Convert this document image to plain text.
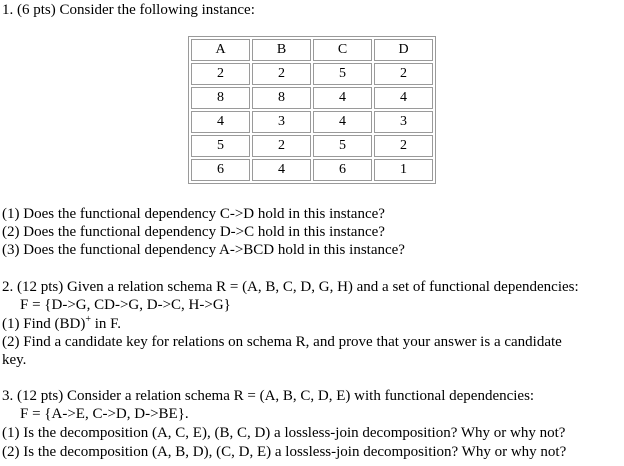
1. (6 pts) Consider the following instance:
A	B	C	D
2	2	5	2
8	8	4	4
4	3	4	3
5	2	5	2
6	4	6	1
(1) Does the functional dependency C->D hold in this instance?
(2) Does the functional dependency D->C hold in this instance?
(3) Does the functional dependency A->BCD hold in this instance?
2. (12 pts) Given a relation schema R = (A, B, C, D, G, H) and a set of functional dependencies:
F = {D->G, CD->G, D->C, H->G}
(1) Find (BD)+ in F.
(2) Find a candidate key for relations on schema R, and prove that your answer is a candidate
key.
3. (12 pts) Consider a relation schema R = (A, B, C, D, E) with functional dependencies:
F = {A->E, C->D, D->BE}.
(1) Is the decomposition (A, C, E), (B, C, D) a lossless-join decomposition? Why or why not?
(2) Is the decomposition (A, B, D), (C, D, E) a lossless-join decomposition? Why or why not?
